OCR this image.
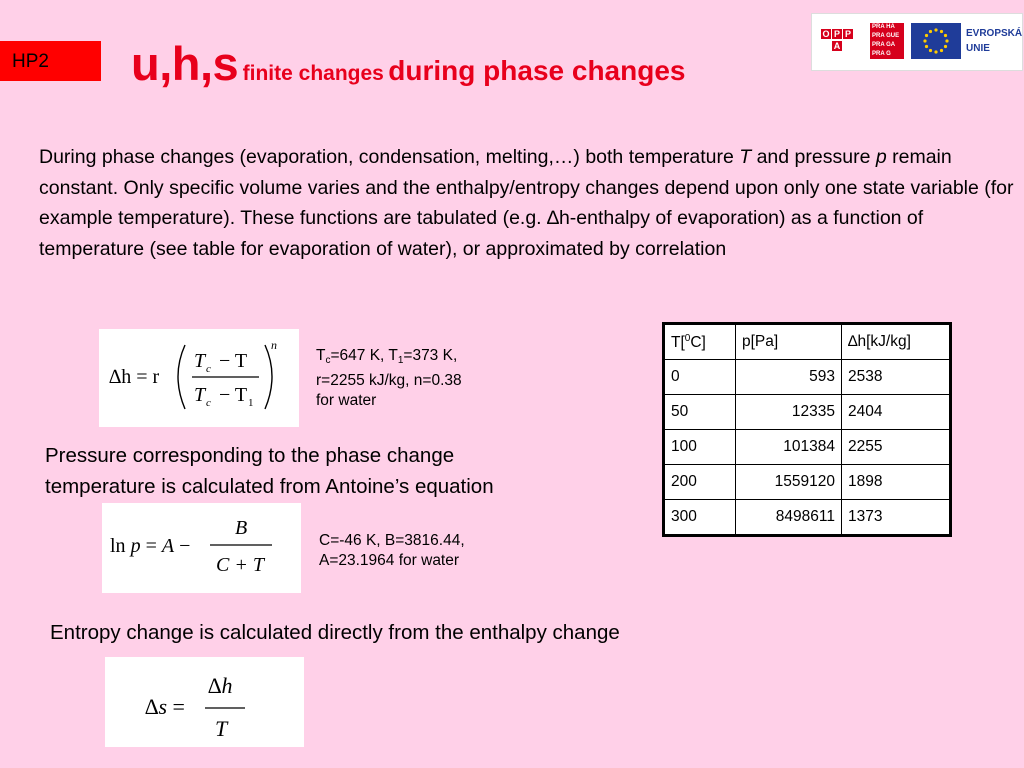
HP2	u,h,s finite changes during phase changes
O P P
A
PRA HA
PRA GUE
PRA GA
PRA G
EVROPSKÁ
UNIE
During phase changes (evaporation, condensation, melting,…) both temperature T and pressure p remain constant. Only specific volume varies and the enthalpy/entropy changes depend upon only one state variable (for example temperature). These functions are tabulated (e.g. ∆h-enthalpy of evaporation) as a function of temperature (see table for evaporation of water), or approximated by correlation
∆h = r
T c − T
T c − T 1
n
$T_c=647$ K, $T_1=373$ K,
r=2255 kJ/kg, n=0.38
for water
Pressure corresponding to the phase change
temperature is calculated from Antoine’s equation
ln p = A −
B
C + T
C=-46 K, B=3816.44,
A=23.1964 for water
Entropy change is calculated directly from the enthalpy change
∆s =
∆h
T
T[$^0$C]	p[Pa]	∆h[kJ/kg]
0	593	2538
50	12335	2404
100	101384	2255
200	1559120	1898
300	8498611	1373
